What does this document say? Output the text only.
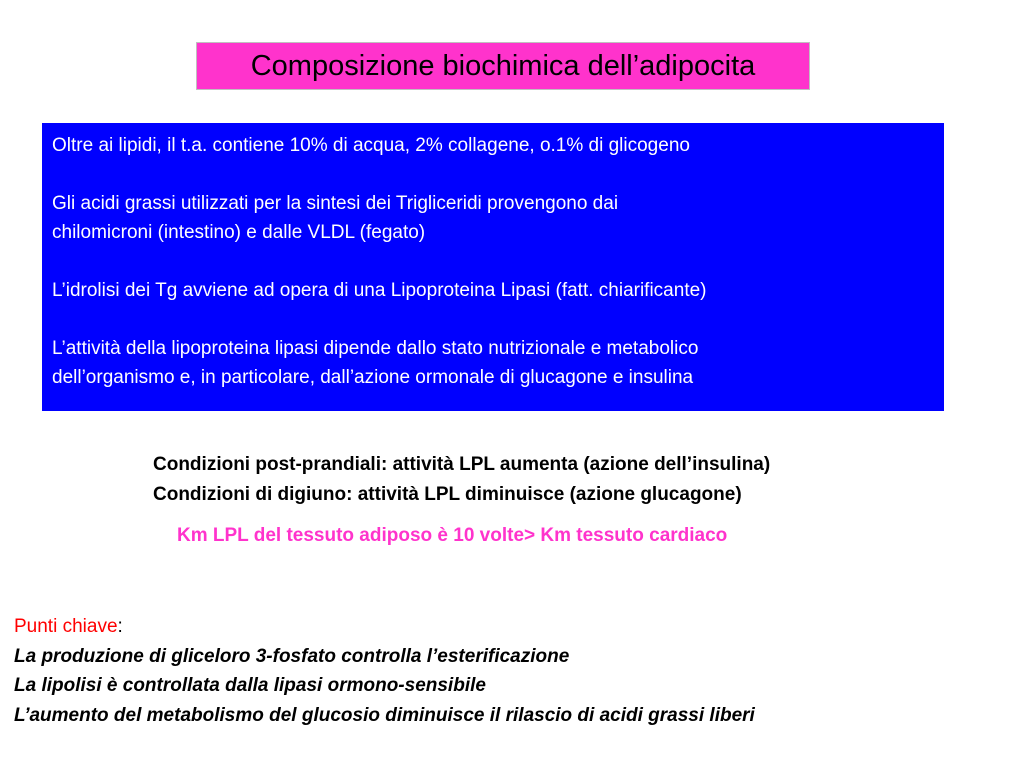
Composizione biochimica dell’adipocita

Oltre ai lipidi, il t.a. contiene 10% di acqua, 2% collagene, o.1% di glicogeno

Gli acidi grassi utilizzati per la sintesi dei Trigliceridi provengono dai
chilomicroni (intestino) e dalle VLDL (fegato)

L’idrolisi dei Tg avviene ad opera di una Lipoproteina Lipasi (fatt. chiarificante)

L’attività della lipoproteina lipasi dipende dallo stato nutrizionale e metabolico
dell’organismo e, in particolare, dall’azione ormonale di glucagone e insulina

Condizioni post-prandiali: attività LPL aumenta (azione dell’insulina)
Condizioni di digiuno: attività LPL diminuisce (azione glucagone)
Km LPL del tessuto adiposo è 10 volte> Km tessuto cardiaco
Punti chiave:
La produzione di gliceloro 3-fosfato controlla l’esterificazione
La lipolisi è controllata dalla lipasi ormono-sensibile
L’aumento del metabolismo del glucosio diminuisce il rilascio di acidi grassi liberi
